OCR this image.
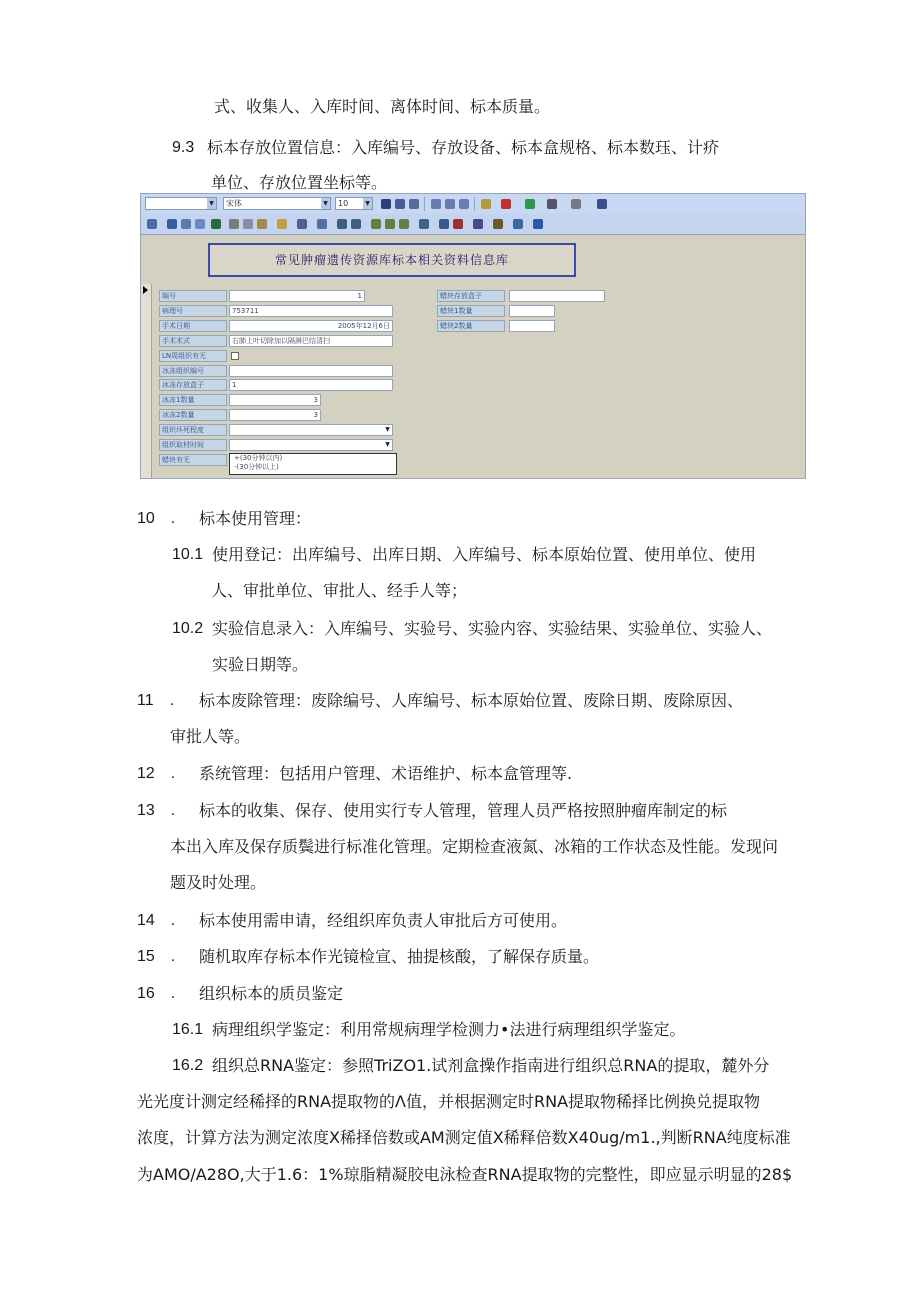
式、收集人、入库时间、离体时间、标本质量。
9.3 标本存放位置信息：入库编号、存放设备、标本盒规格、标本数珏、计疥
单位、存放位置坐标等。
10　. 标本使用管理：
10.1 使用登记：出库编号、出库日期、入库编号、标本原始位置、使用单位、使用
人、审批单位、审批人、经手人等；
10.2 实验信息录入：入库编号、实验号、实验内容、实验结果、实验单位、实验人、
实验日期等。
11　. 标本废除管理：废除编号、人库编号、标本原始位置、废除日期、废除原因、
审批人等。
12　. 系统管理：包括用户管理、术语维护、标本盒管理等.
13　. 标本的收集、保存、使用实行专人管理，管理人员严格按照肿瘤库制定的标
本出入库及保存质鬓进行标准化管理。定期检查液氮、冰箱的工作状态及性能。发现问
题及时处理。
14　. 标本使用需申请，经组织库负责人审批后方可使用。
15　. 随机取库存标本作光镜检宣、抽提核酸，了解保存质量。
16　. 组织标本的质员鉴定
16.1 病理组织学鉴定：利用常规病理学检测力•法进行病理组织学鉴定。
16.2 组织总RNA鉴定：参照TriZO1.试剂盒操作指南进行组织总RNA的提取，麓外分
光光度计测定经稀择的RNA提取物的Λ值，并根据测定时RNA提取物稀择比例换兑提取物
浓度，计算方法为测定浓度X稀择倍数或AM测定值X稀释倍数X40ug∕m1.,判断RNA纯度标准
为AMO/A28O,大于1.6：1%琼脂精凝胶电泳检查RNA提取物的完整性，即应显示明显的28$
▼	宋体	▼	10	▼
常见肿瘤遗传资源库标本相关资料信息库
编号	1
病理号	753711
手术日期	2005年12月6日
手术术式	右肺上叶切除加以隔淋巴结清扫
LN周组织有无
冰冻组织编号
冰冻存放盒子	1
冰冻1数量	3
冰冻2数量	3
组织坏死程度	▼
组织取材时间	▼
蜡块有无
蜡块存放盒子
蜡块1数量
蜡块2数量
+(30分钟以内)
-(30分钟以上)
